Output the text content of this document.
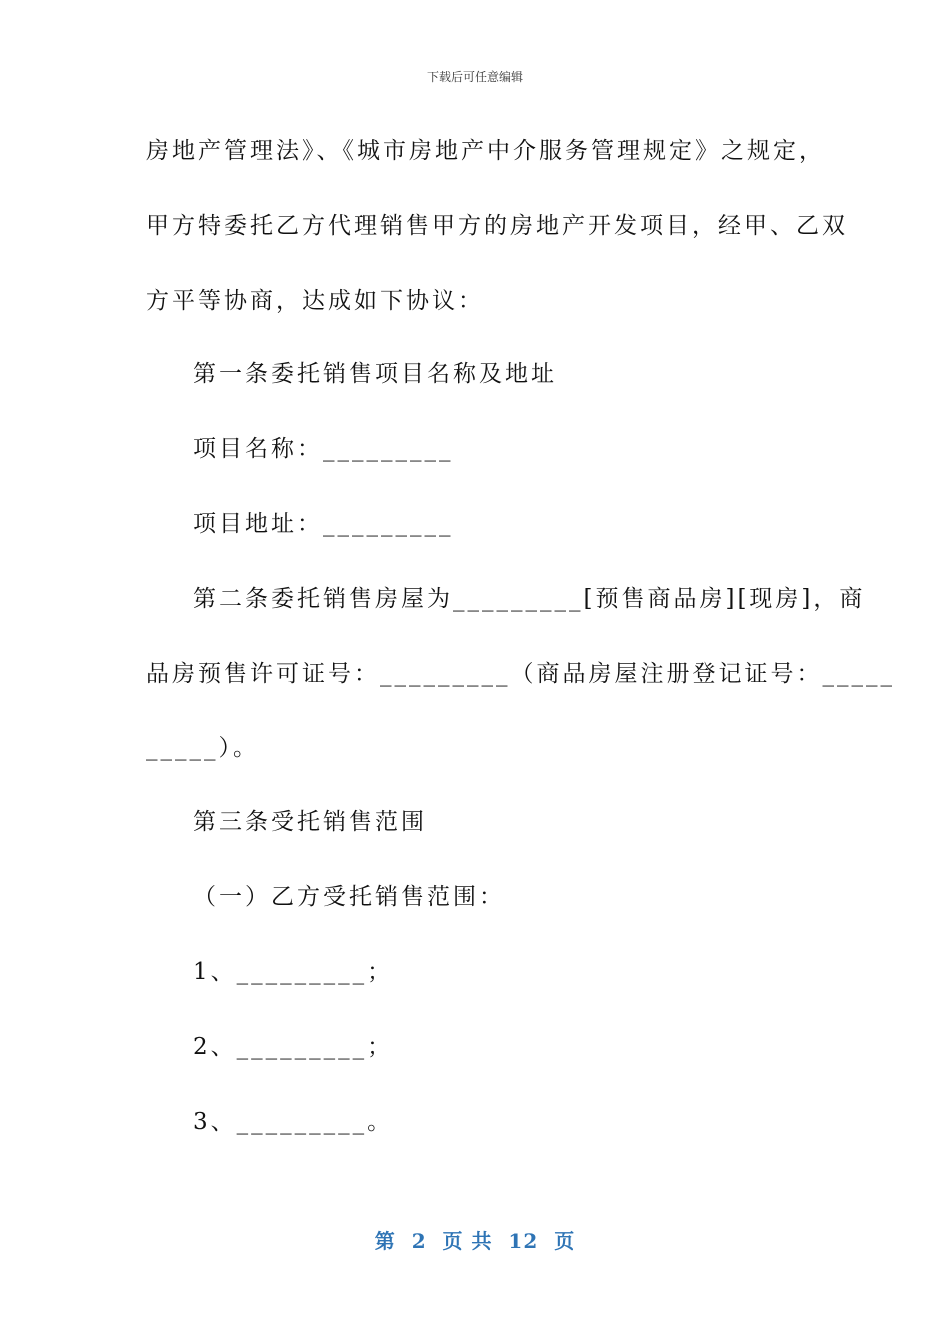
下载后可任意编辑
房地产管理法》、《城市房地产中介服务管理规定》之规定，
甲方特委托乙方代理销售甲方的房地产开发项目，经甲、乙双
方平等协商，达成如下协议：
第一条委托销售项目名称及地址
项目名称：_________
项目地址：_________
第二条委托销售房屋为_________[预售商品房][现房]，商
品房预售许可证号：_________（商品房屋注册登记证号：_____
_____）。
第三条受托销售范围
（一）乙方受托销售范围：
1、_________；
2、_________；
3、_________。
第  2  页 共  12  页
